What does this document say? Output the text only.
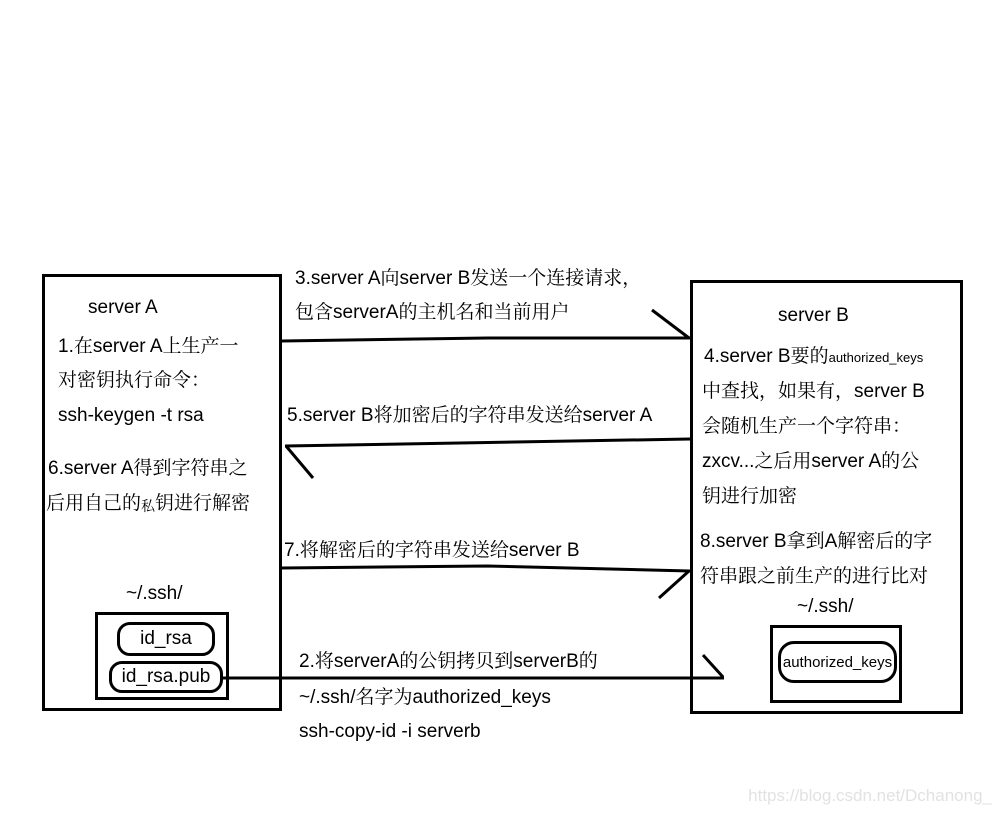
server A
1.在server A上生产一
对密钥执行命令：
ssh-keygen -t rsa
6.server A得到字符串之
后用自己的私钥进行解密
~/.ssh/
id_rsa
id_rsa.pub
server B
4.server B要的authorized_keys
中查找，如果有，server B
会随机生产一个字符串：
zxcv...之后用server A的公
钥进行加密
8.server B拿到A解密后的字
符串跟之前生产的进行比对
~/.ssh/
authorized_keys
3.server A向server B发送一个连接请求，
包含serverA的主机名和当前用户
5.server B将加密后的字符串发送给server A
7.将解密后的字符串发送给server B
2.将serverA的公钥拷贝到serverB的
~/.ssh/名字为authorized_keys
ssh-copy-id -i serverb
https://blog.csdn.net/Dchanong_
